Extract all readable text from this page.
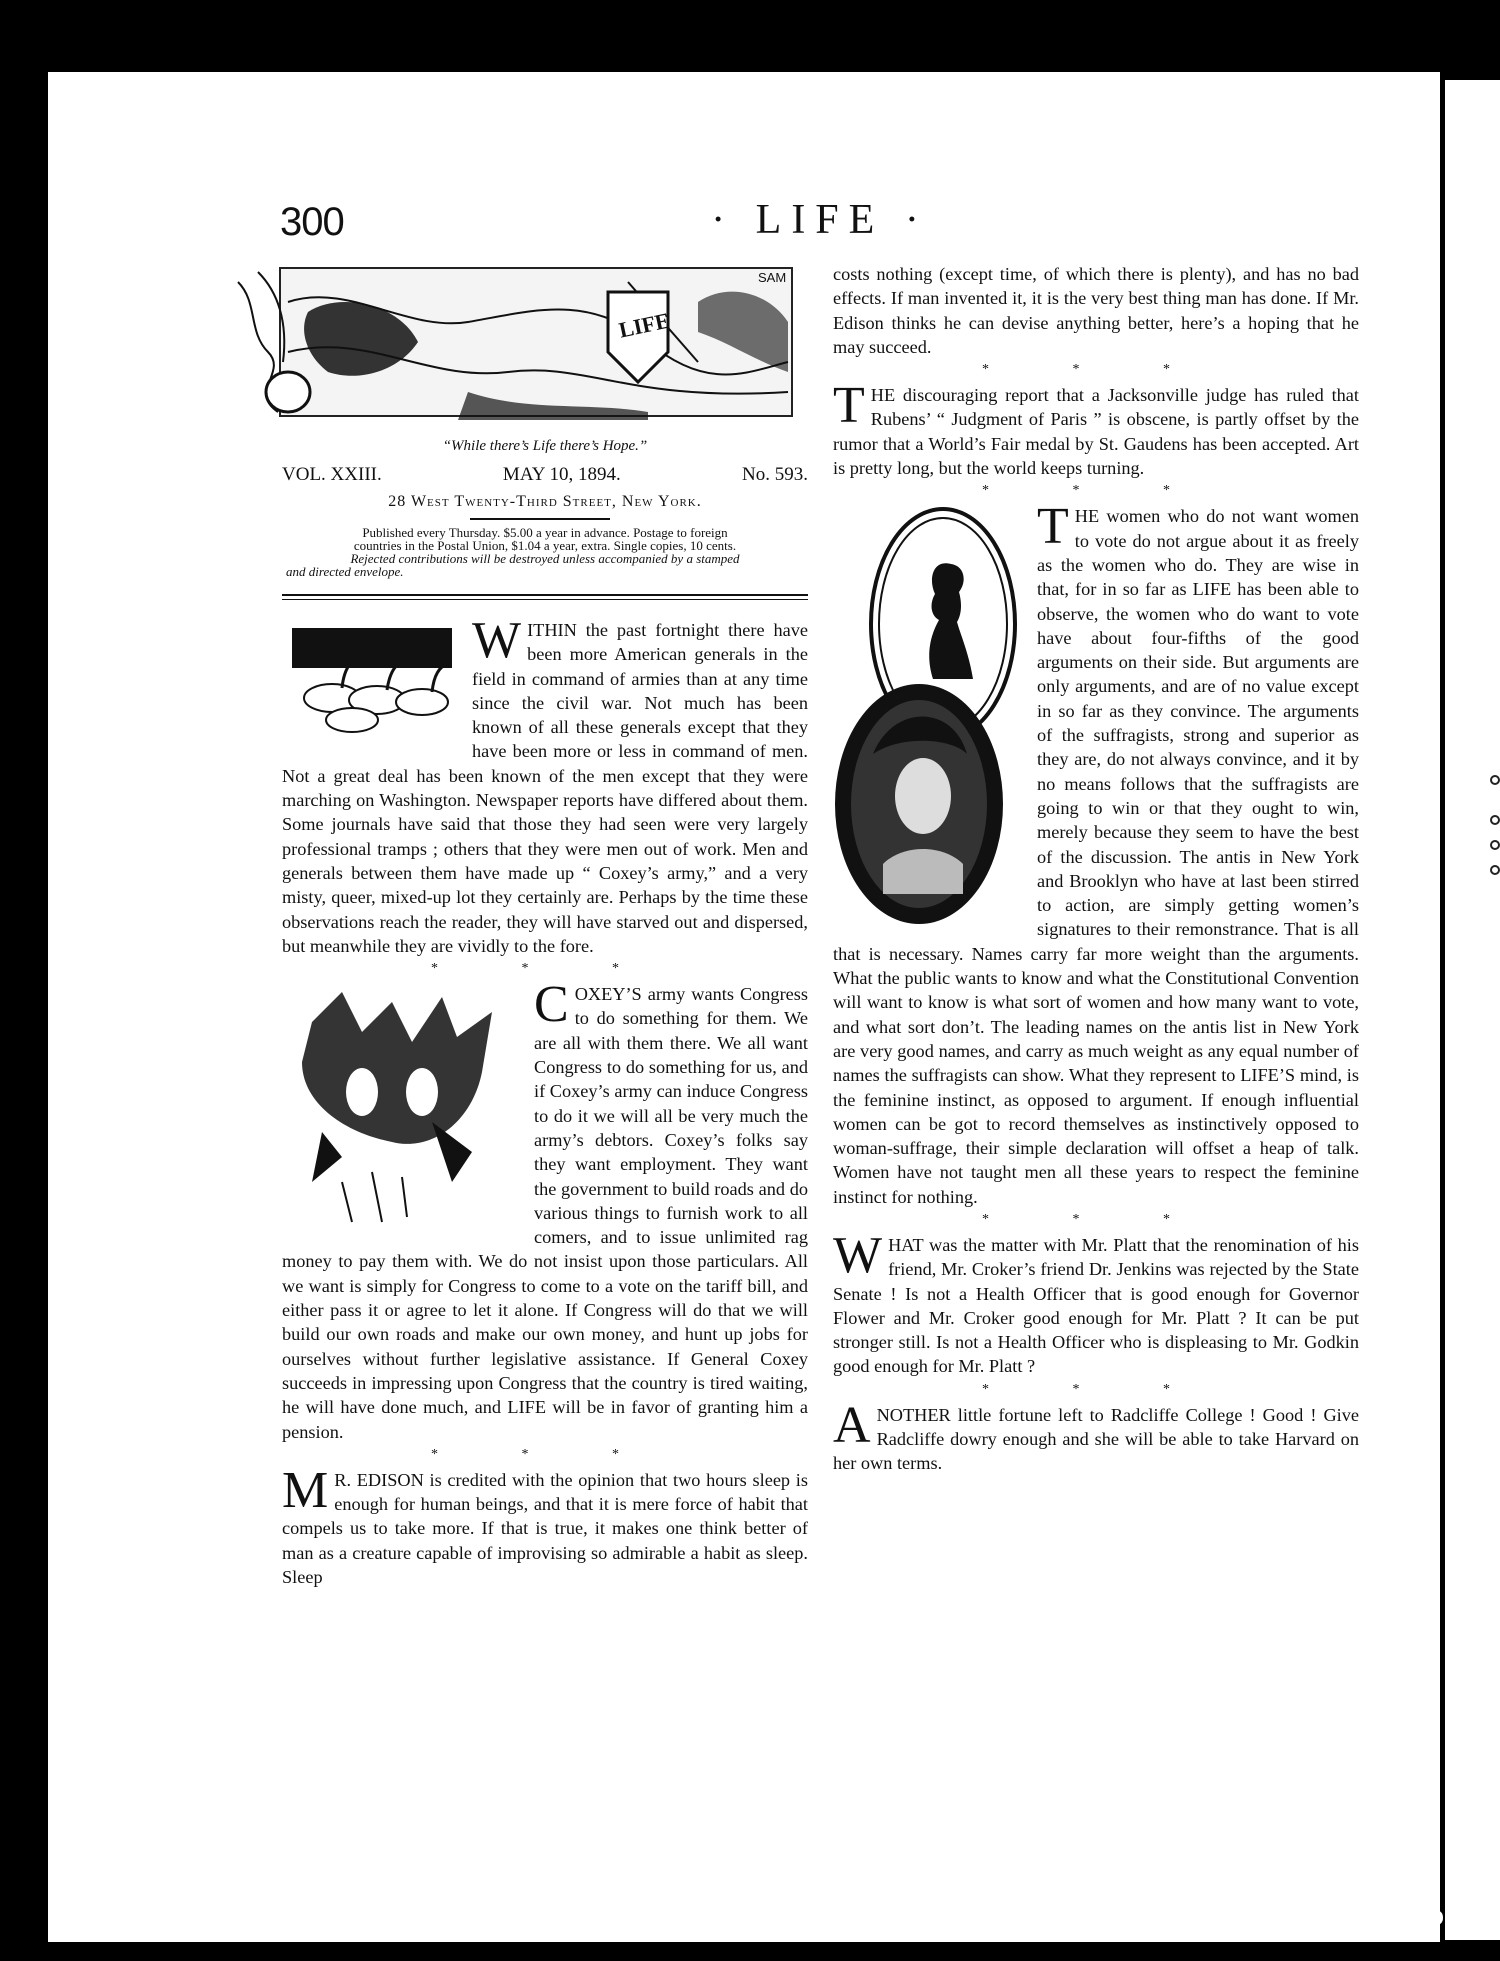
300	· LIFE ·
LIFE
SAM
“While there’s Life there’s Hope.”
VOL. XXIII.	MAY 10, 1894.	No. 593.
28 West Twenty-Third Street, New York.
Published every Thursday. $5.00 a year in advance. Postage to foreign
countries in the Postal Union, $1.04 a year, extra. Single copies, 10 cents.
Rejected contributions will be destroyed unless accompanied by a stamped
and directed envelope.

WITHIN the past fortnight there have been more American generals in the field in command of armies than at any time since the civil war. Not much has been known of all these generals except that they have been more or less in command of men. Not a great deal has been known of the men except that they were marching on Washington. Newspaper reports have differed about them. Some journals have said that those they had seen were very largely professional tramps ; others that they were men out of work. Men and generals between them have made up “ Coxey’s army,” and a very misty, queer, mixed-up lot they certainly are. Perhaps by the time these observations reach the reader, they will have starved out and dispersed, but meanwhile they are vividly to the fore.

* * *

COXEY’S army wants Congress to do something for them. We are all with them there. We all want Congress to do something for us, and if Coxey’s army can induce Congress to do it we will all be very much the army’s debtors. Coxey’s folks say they want employment. They want the government to build roads and do various things to furnish work to all comers, and to issue unlimited rag money to pay them with. We do not insist upon those particulars. All we want is simply for Congress to come to a vote on the tariff bill, and either pass it or agree to let it alone. If Congress will do that we will build our own roads and make our own money, and hunt up jobs for ourselves without further legislative assistance. If General Coxey succeeds in impressing upon Congress that the country is tired waiting, he will have done much, and LIFE will be in favor of granting him a pension.

* * *

M R. EDISON is credited with the opinion that two hours sleep is enough for human beings, and that it is mere force of habit that compels us to take more. If that is true, it makes one think better of man as a creature capable of improvising so admirable a habit as sleep. Sleep

costs nothing (except time, of which there is plenty), and has no bad effects. If man invented it, it is the very best thing man has done. If Mr. Edison thinks he can devise anything better, here’s a hoping that he may succeed.

* * *

THE discouraging report that a Jacksonville judge has ruled that Rubens’ “ Judgment of Paris ” is obscene, is partly offset by the rumor that a World’s Fair medal by St. Gaudens has been accepted. Art is pretty long, but the world keeps turning.

* * *

THE women who do not want women to vote do not argue about it as freely as the women who do. They are wise in that, for in so far as LIFE has been able to observe, the women who do want to vote have about four-fifths of the good arguments on their side. But arguments are only arguments, and are of no value except in so far as they convince. The arguments of the suffragists, strong and superior as they are, do not always convince, and it by no means follows that the suffragists are going to win or that they ought to win, merely because they seem to have the best of the discussion. The antis in New York and Brooklyn who have at last been stirred to action, are simply getting women’s signatures to their remonstrance. That is all that is necessary. Names carry far more weight than the arguments. What the public wants to know and what the Constitutional Convention will want to know is what sort of women and how many want to vote, and what sort don’t. The leading names on the antis list in New York are very good names, and carry as much weight as any equal number of names the suffragists can show. What they represent to LIFE’S mind, is the feminine instinct, as opposed to argument. If enough influential women can be got to record themselves as instinctively opposed to woman-suffrage, their simple declaration will offset a heap of talk. Women have not taught men all these years to respect the feminine instinct for nothing.

* * *

WHAT was the matter with Mr. Platt that the renomination of his friend, Mr. Croker’s friend Dr. Jenkins was rejected by the State Senate ! Is not a Health Officer that is good enough for Governor Flower and Mr. Croker good enough for Mr. Platt ? It can be put stronger still. Is not a Health Officer who is displeasing to Mr. Godkin good enough for Mr. Platt ?

* * *

ANOTHER little fortune left to Radcliffe College ! Good ! Give Radcliffe dowry enough and she will be able to take Harvard on her own terms.

comicbooks.com
